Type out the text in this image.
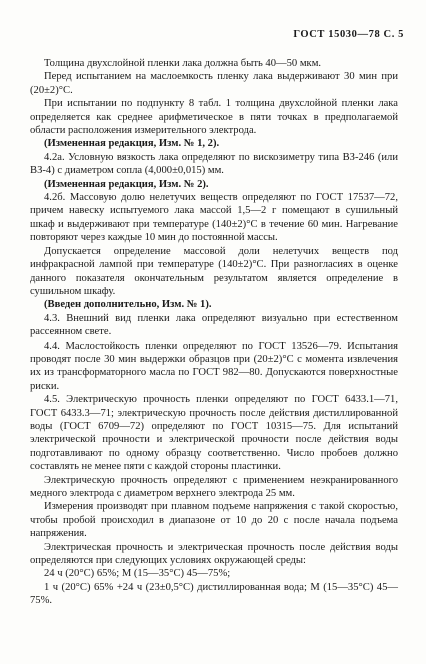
ГОСТ 15030—78 С. 5

Толщина двухслойной пленки лака должна быть 40—50 мкм.

Перед испытанием на маслоемкость пленку лака выдерживают 30 мин при (20±2)°С.

При испытании по подпункту 8 табл. 1 толщина двухслойной пленки лака определяется как среднее арифметическое в пяти точках в предполагаемой области расположения измерительного электрода.

(Измененная редакция, Изм. № 1, 2).

4.2а. Условную вязкость лака определяют по вискозиметру типа ВЗ-246 (или ВЗ-4) с диаметром сопла (4,000±0,015) мм.

(Измененная редакция, Изм. № 2).

4.2б. Массовую долю нелетучих веществ определяют по ГОСТ 17537—72, причем навеску испытуемого лака массой 1,5—2 г помещают в сушильный шкаф и выдерживают при температуре (140±2)°С в течение 60 мин. Нагревание повторяют через каждые 10 мин до постоянной массы.

Допускается определение массовой доли нелетучих веществ под инфракрасной лампой при температуре (140±2)°С. При разногласиях в оценке данного показателя окончательным результатом является определение в сушильном шкафу.

(Введен дополнительно, Изм. № 1).

4.3. Внешний вид пленки лака определяют визуально при естественном рассеянном свете.

4.4. Маслостойкость пленки определяют по ГОСТ 13526—79. Испытания проводят после 30 мин выдержки образцов при (20±2)°С с момента извлечения их из трансформаторного масла по ГОСТ 982—80. Допускаются поверхностные риски.

4.5. Электрическую прочность пленки определяют по ГОСТ 6433.1—71, ГОСТ 6433.3—71; электрическую прочность после действия дистиллированной воды (ГОСТ 6709—72) определяют по ГОСТ 10315—75. Для испытаний электрической прочности и электрической прочности после действия воды подготавливают по одному образцу соответственно. Число пробоев должно составлять не менее пяти с каждой стороны пластинки.

Электрическую прочность определяют с применением неэкранированного медного электрода с диаметром верхнего электрода 25 мм.

Измерения производят при плавном подъеме напряжения с такой скоростью, чтобы пробой происходил в диапазоне от 10 до 20 с после начала подъема напряжения.

Электрическая прочность и электрическая прочность после действия воды определяются при следующих условиях окружающей среды:

24 ч (20°С) 65%; М (15—35°С) 45—75%;

1 ч (20°С) 65% +24 ч (23±0,5°С) дистиллированная вода; М (15—35°С) 45—75%.
